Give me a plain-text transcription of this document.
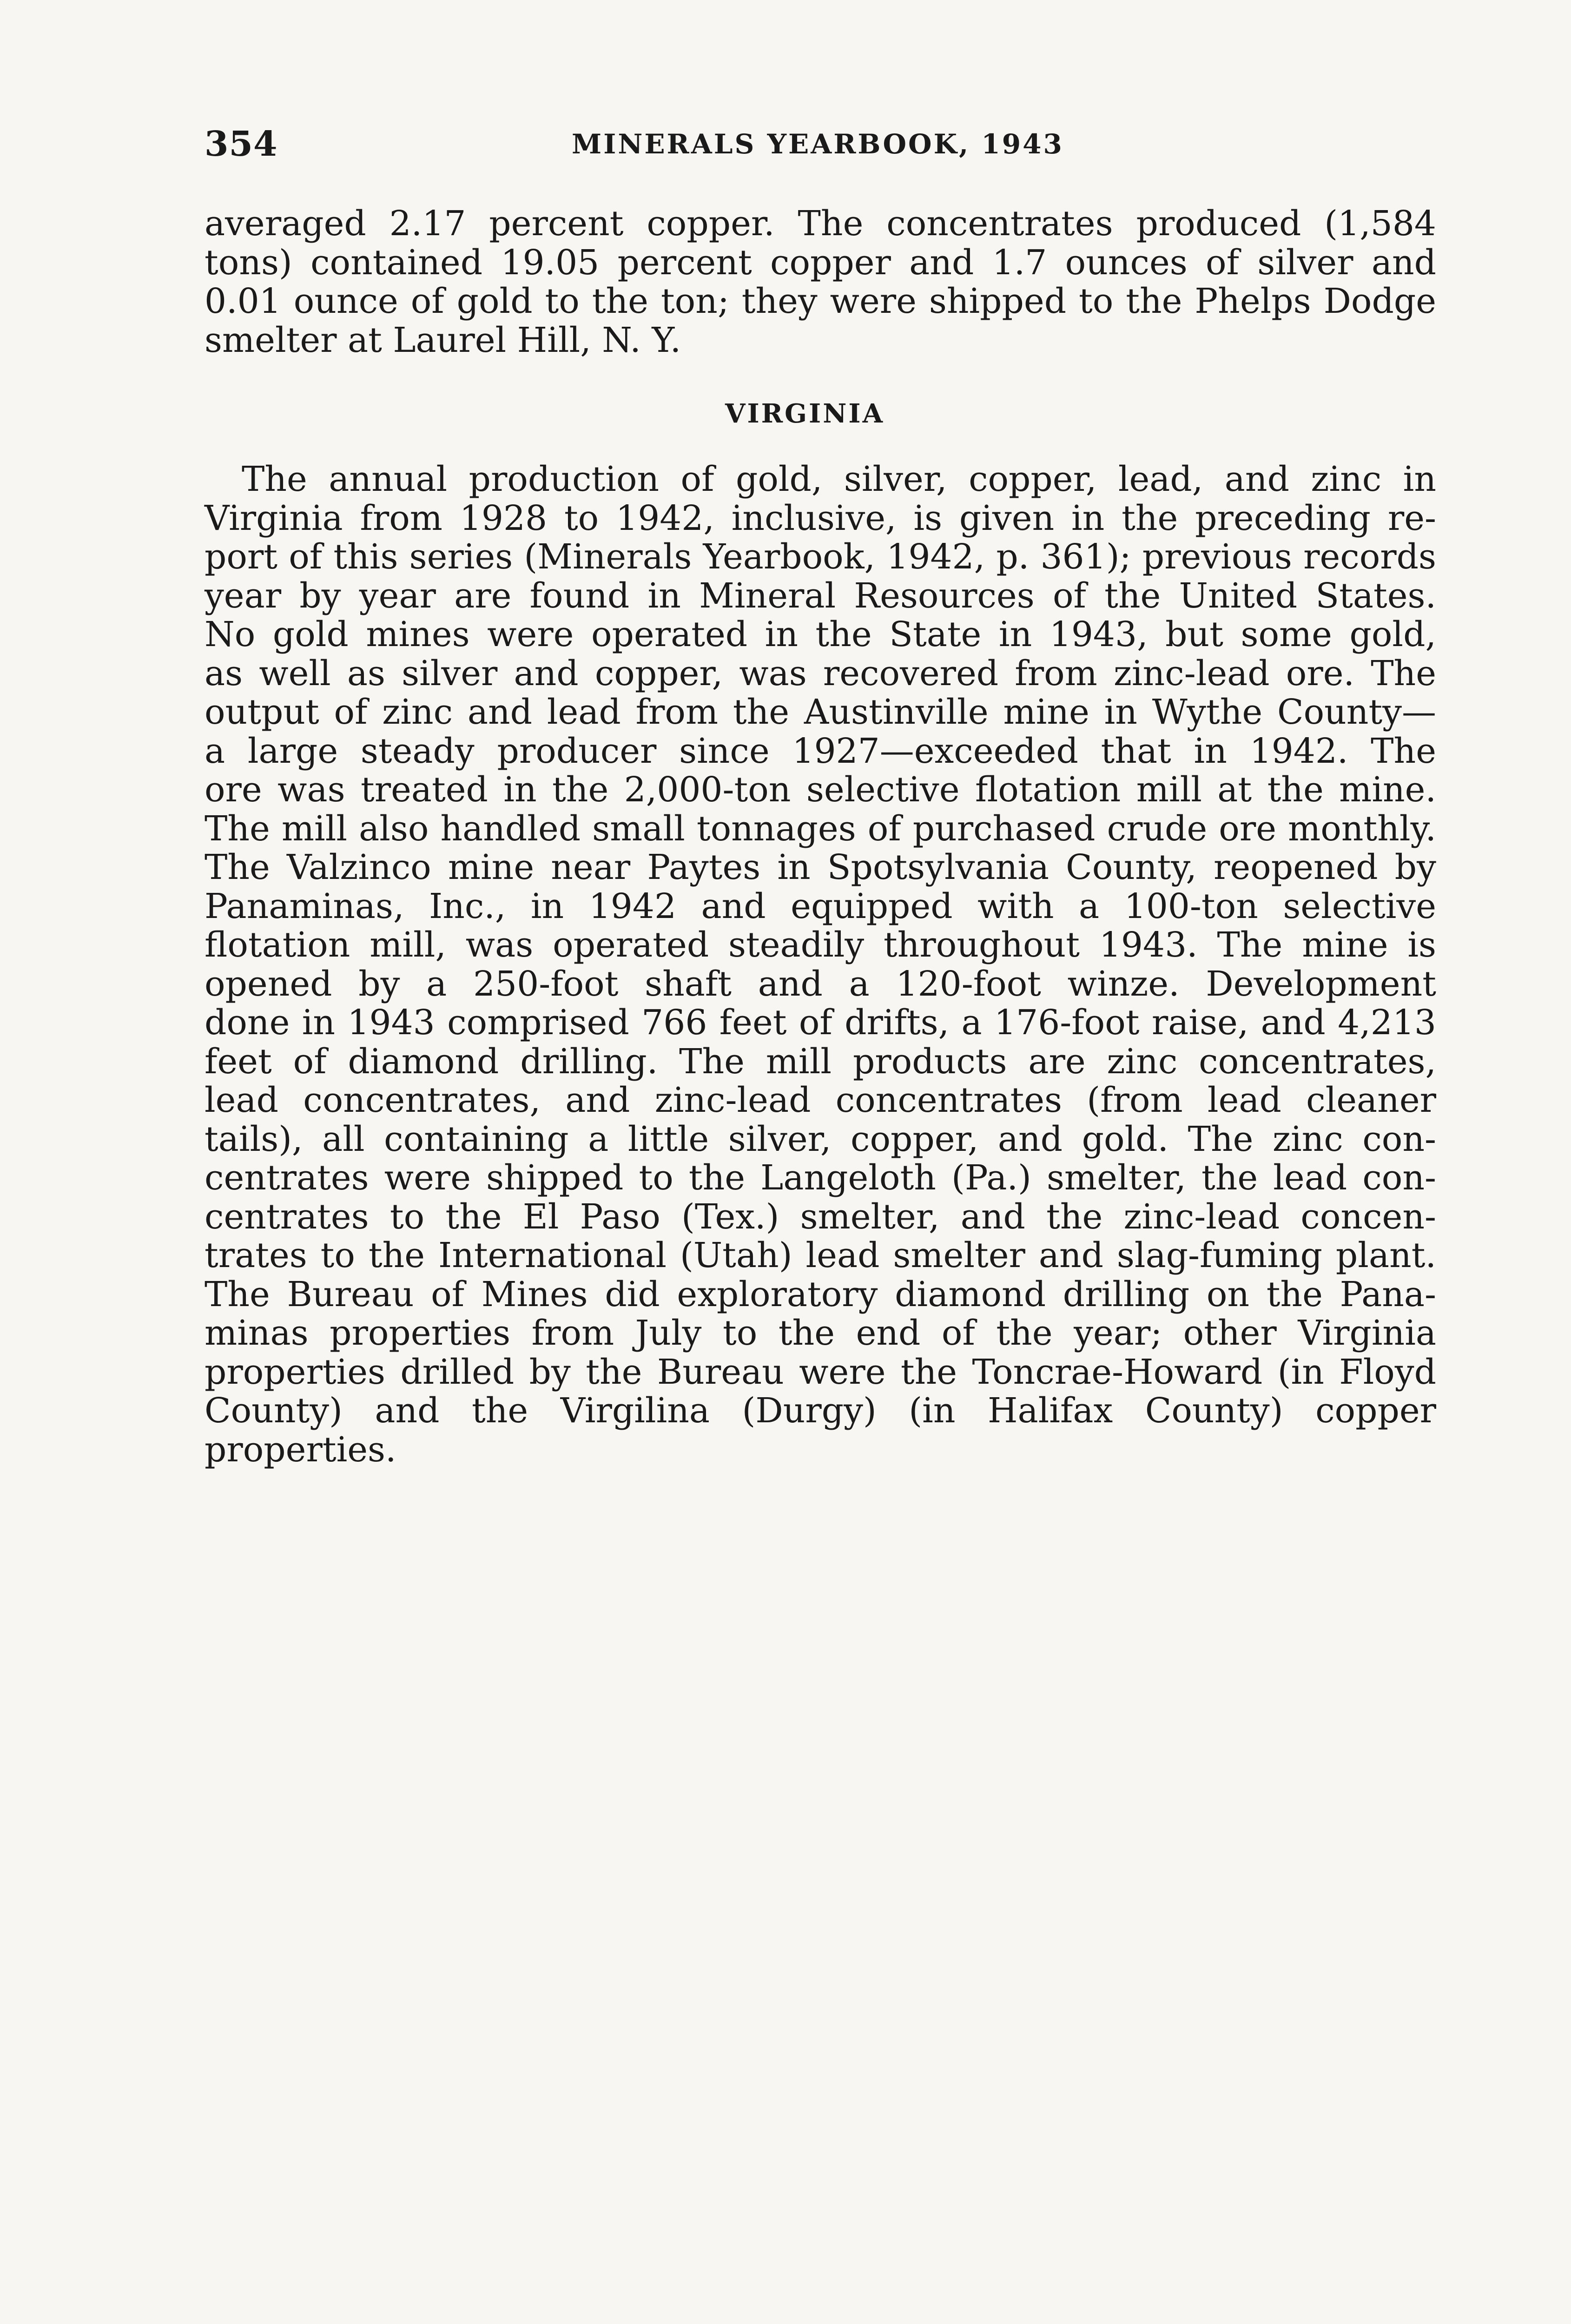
354	MINERALS YEARBOOK, 1943
averaged 2.17 percent copper. The concentrates produced (1,584
tons) contained 19.05 percent copper and 1.7 ounces of silver and
0.01 ounce of gold to the ton; they were shipped to the Phelps Dodge
smelter at Laurel Hill, N. Y.
VIRGINIA
The annual production of gold, silver, copper, lead, and zinc in
Virginia from 1928 to 1942, inclusive, is given in the preceding re-
port of this series (Minerals Yearbook, 1942, p. 361); previous records
year by year are found in Mineral Resources of the United States.
No gold mines were operated in the State in 1943, but some gold,
as well as silver and copper, was recovered from zinc-lead ore. The
output of zinc and lead from the Austinville mine in Wythe County—
a large steady producer since 1927—exceeded that in 1942. The
ore was treated in the 2,000-ton selective flotation mill at the mine.
The mill also handled small tonnages of purchased crude ore monthly.
The Valzinco mine near Paytes in Spotsylvania County, reopened by
Panaminas, Inc., in 1942 and equipped with a 100-ton selective
flotation mill, was operated steadily throughout 1943. The mine is
opened by a 250-foot shaft and a 120-foot winze. Development
done in 1943 comprised 766 feet of drifts, a 176-foot raise, and 4,213
feet of diamond drilling. The mill products are zinc concentrates,
lead concentrates, and zinc-lead concentrates (from lead cleaner
tails), all containing a little silver, copper, and gold. The zinc con-
centrates were shipped to the Langeloth (Pa.) smelter, the lead con-
centrates to the El Paso (Tex.) smelter, and the zinc-lead concen-
trates to the International (Utah) lead smelter and slag-fuming plant.
The Bureau of Mines did exploratory diamond drilling on the Pana-
minas properties from July to the end of the year; other Virginia
properties drilled by the Bureau were the Toncrae-Howard (in Floyd
County) and the Virgilina (Durgy) (in Halifax County) copper
properties.
